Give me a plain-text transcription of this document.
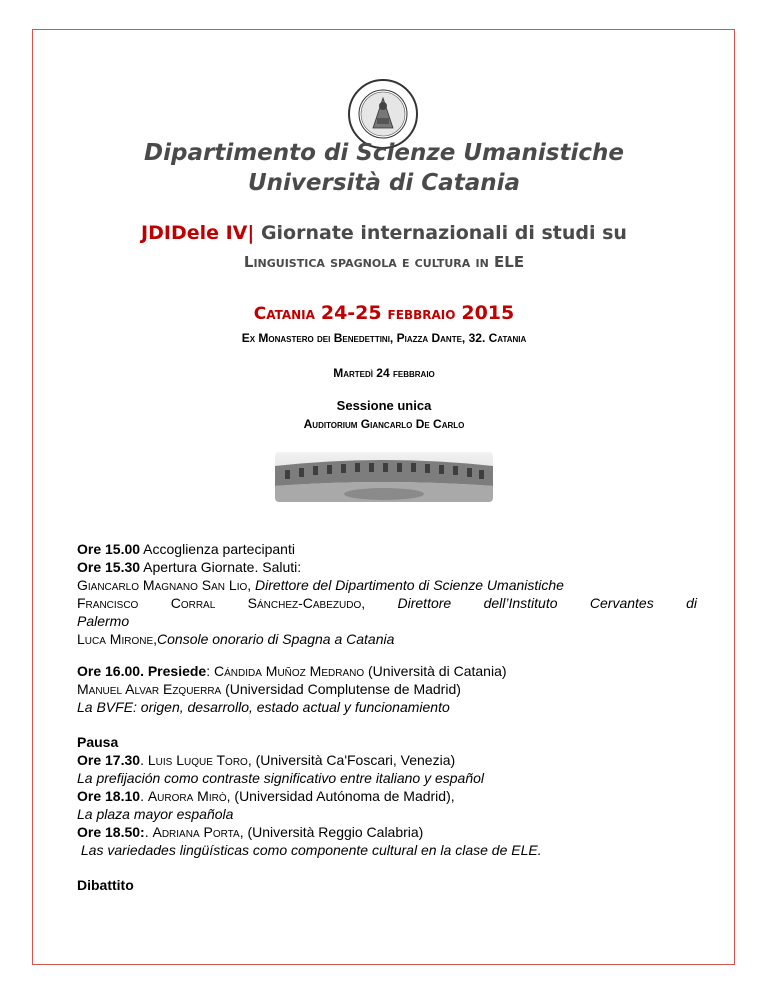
Dipartimento di Scienze Umanistiche
Università di Catania
JDIDele IV| Giornate internazionali di studi su
Linguistica spagnola e cultura in ELE
Catania 24-25 febbraio 2015
Ex Monastero dei Benedettini, Piazza Dante, 32. Catania
Martedì 24 febbraio
Sessione unica
Auditorium Giancarlo De Carlo
Ore 15.00 Accoglienza partecipanti
Ore 15.30 Apertura Giornate. Saluti:
Giancarlo Magnano San Lio, Direttore del Dipartimento di Scienze Umanistiche
Francisco Corral Sánchez-Cabezudo, Direttore dell’Instituto Cervantes di
Palermo
Luca Mirone,Console onorario di Spagna a Catania
Ore 16.00. Presiede: Cándida Muñoz Medrano (Università di Catania)
Manuel Alvar Ezquerra (Universidad Complutense de Madrid)
La BVFE: origen, desarrollo, estado actual y funcionamiento
Pausa
Ore 17.30. Luis Luque Toro, (Università Ca'Foscari, Venezia)
La prefijación como contraste significativo entre italiano y español
Ore 18.10. Aurora Mirò, (Universidad Autónoma de Madrid),
La plaza mayor española
Ore 18.50:. Adriana Porta, (Università Reggio Calabria)
Las variedades lingüísticas como componente cultural en la clase de ELE.
Dibattito
